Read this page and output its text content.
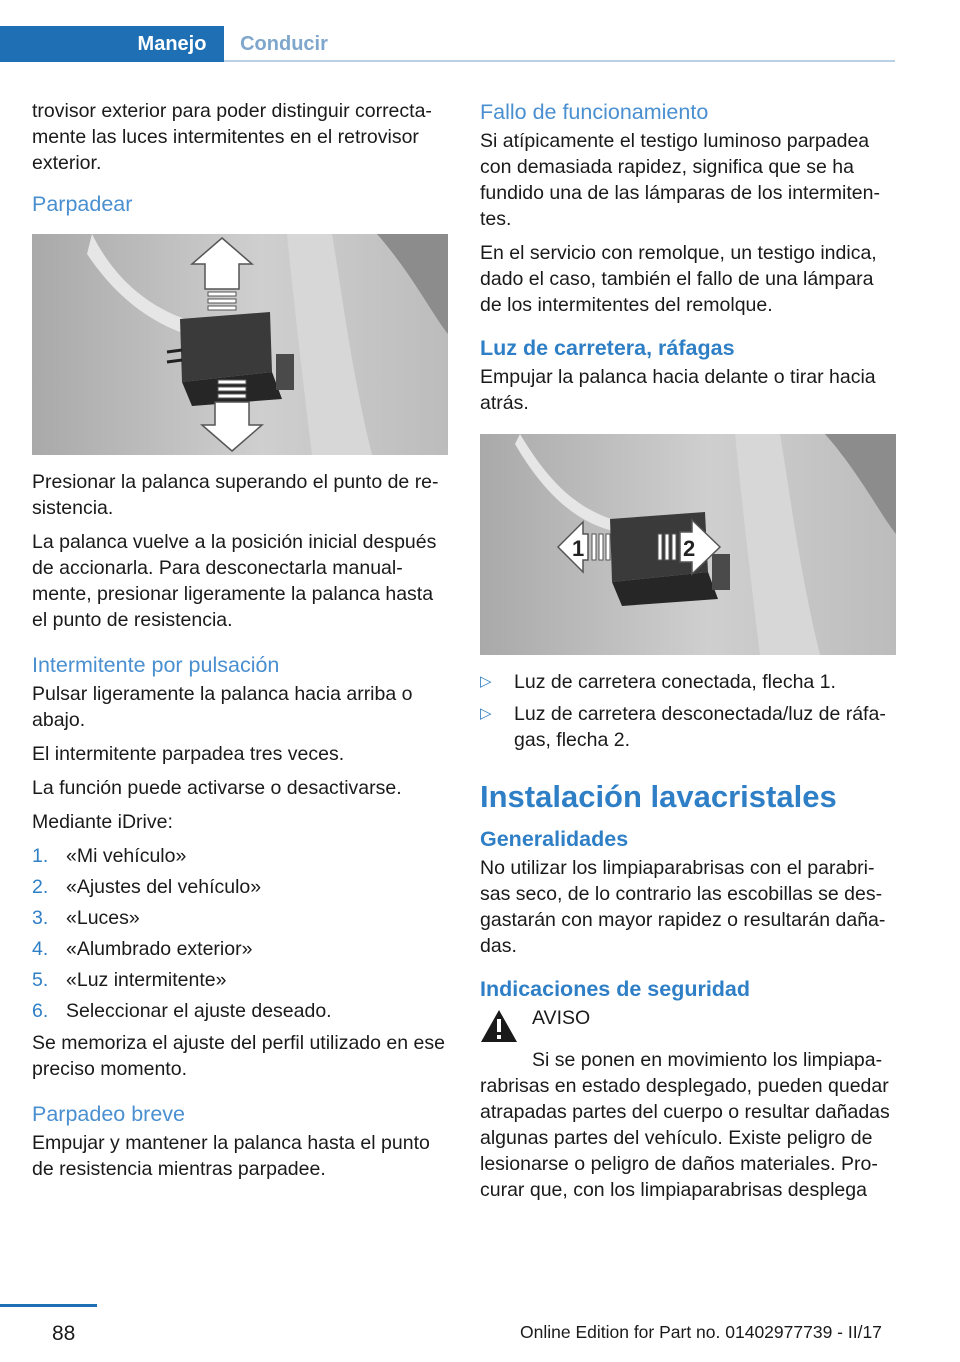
Manejo	Conducir

trovisor exterior para poder distinguir correctamente las luces intermitentes en el retrovisor exterior.

Parpadear

Presionar la palanca superando el punto de resistencia.

La palanca vuelve a la posición inicial después de accionarla. Para desconectarla manualmente, presionar ligeramente la palanca hasta el punto de resistencia.

Intermitente por pulsación

Pulsar ligeramente la palanca hacia arriba o abajo.

El intermitente parpadea tres veces.

La función puede activarse o desactivarse.

Mediante iDrive:

1. «Mi vehículo»
2. «Ajustes del vehículo»
3. «Luces»
4. «Alumbrado exterior»
5. «Luz intermitente»
6. Seleccionar el ajuste deseado.

Se memoriza el ajuste del perfil utilizado en ese preciso momento.

Parpadeo breve

Empujar y mantener la palanca hasta el punto de resistencia mientras parpadee.

Fallo de funcionamiento

Si atípicamente el testigo luminoso parpadea con demasiada rapidez, significa que se ha fundido una de las lámparas de los intermitentes.

En el servicio con remolque, un testigo indica, dado el caso, también el fallo de una lámpara de los intermitentes del remolque.

Luz de carretera, ráfagas

Empujar la palanca hacia delante o tirar hacia atrás.

1	2
▷ Luz de carretera conectada, flecha 1.
▷ Luz de carretera desconectada/luz de ráfagas, flecha 2.
Instalación lavacristales
Generalidades

No utilizar los limpiaparabrisas con el parabrisas seco, de lo contrario las escobillas se desgastarán con mayor rapidez o resultarán dañadas.

Indicaciones de seguridad
AVISO

Si se ponen en movimiento los limpiaparabrisas en estado desplegado, pueden quedar atrapadas partes del cuerpo o resultar dañadas algunas partes del vehículo. Existe peligro de lesionarse o peligro de daños materiales. Procurar que, con los limpiaparabrisas desplega

88	Online Edition for Part no. 01402977739 - II/17
